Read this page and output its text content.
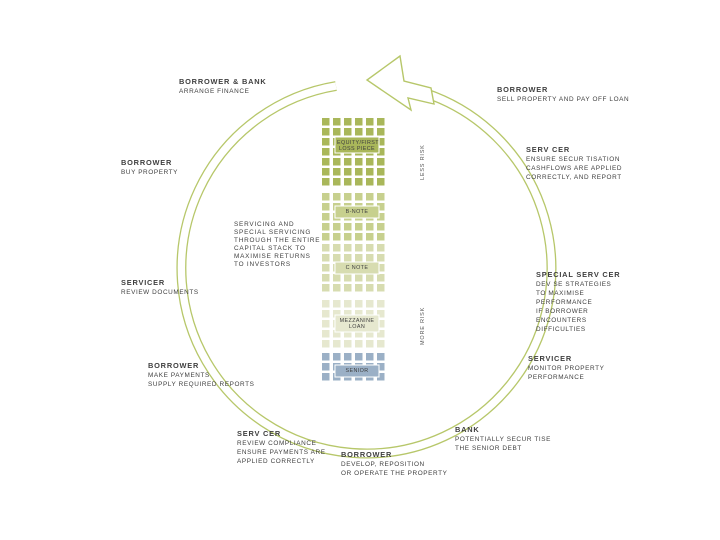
EQUITY/FIRST LOSS PIECE
B-NOTE
C NOTE
MEZZANINE LOAN
SENIOR
LESS RISK
MORE RISK
SERVICING AND
SPECIAL SERVICING
THROUGH THE ENTIRE
CAPITAL STACK TO
MAXIMISE RETURNS
TO INVESTORS
BORROWER & BANK
ARRANGE FINANCE	BORROWER
SELL PROPERTY AND PAY OFF LOAN
SERV CER
ENSURE SECUR TISATION
CASHFLOWS ARE APPLIED
CORRECTLY, AND REPORT
BORROWER
BUY PROPERTY
SPECIAL SERV CER
DEV SE STRATEGIES
TO MAXIMISE
PERFORMANCE
IF BORROWER
ENCOUNTERS
DIFFICULTIES
SERVICER
REVIEW DOCUMENTS
SERVICER
MONITOR PROPERTY
PERFORMANCE
BORROWER
MAKE PAYMENTS
SUPPLY REQUIRED REPORTS
BANK
POTENTIALLY SECUR TISE
THE SENIOR DEBT
SERV CER
REVIEW COMPLIANCE
ENSURE PAYMENTS ARE
APPLIED CORRECTLY
BORROWER
DEVELOP, REPOSITION
OR OPERATE THE PROPERTY
